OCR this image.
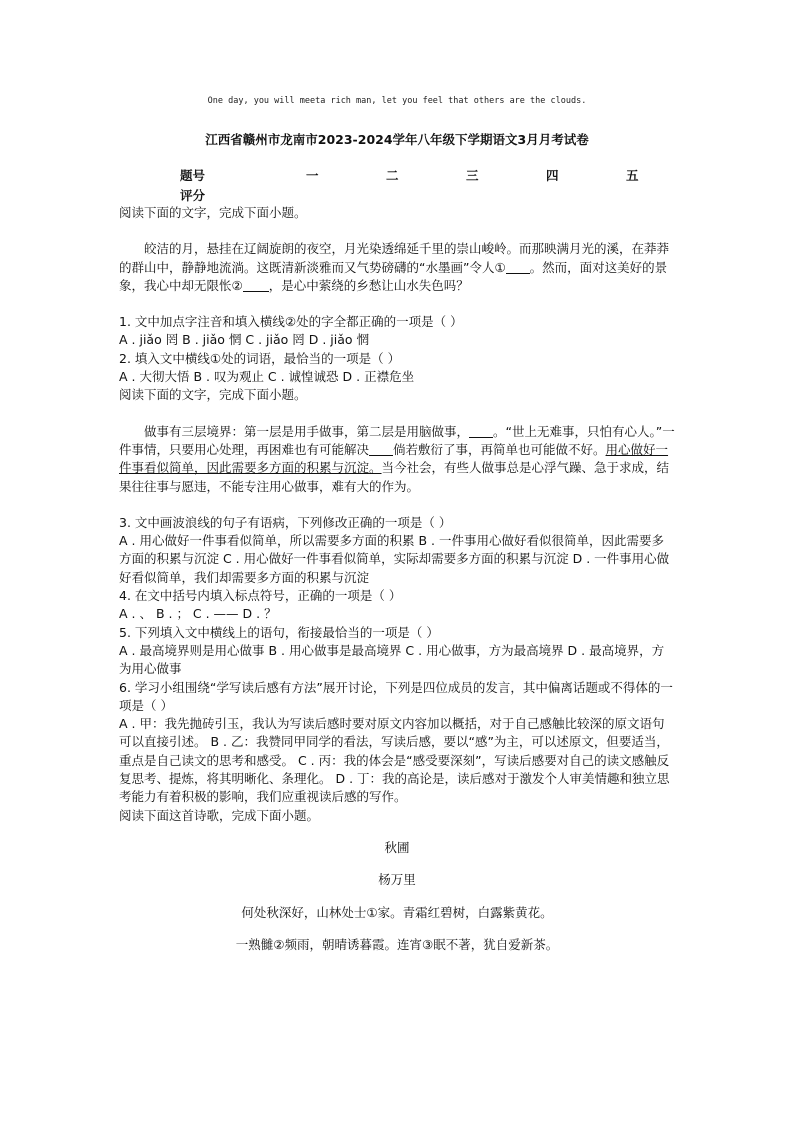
One day, you will meeta rich man, let you feel that others are the clouds.
江西省赣州市龙南市2023-2024学年八年级下学期语文3月月考试卷
题号	一	二	三	四	五
评分

阅读下面的文字，完成下面小题。

皎洁的月，悬挂在辽阔旋朗的夜空，月光染透绵延千里的崇山峻岭。而那映满月光的溪，在莽莽的群山中，静静地流淌。这既清新淡雅而又气势磅礴的“水墨画”令人① 。然而，面对这美好的景象，我心中却无限怅② ，是心中萦绕的乡愁让山水失色吗？

1. 文中加点字注音和填入横线②处的字全都正确的一项是（ ）

A . jiǎo 罔 B . jiǎo 惘 C . jiǎo 罔 D . jiǎo 惘

2. 填入文中横线①处的词语，最恰当的一项是（ ）

A . 大彻大悟 B . 叹为观止 C . 诚惶诚恐 D . 正襟危坐

阅读下面的文字，完成下面小题。

做事有三层境界：第一层是用手做事，第二层是用脑做事， 。“世上无难事，只怕有心人。”一件事情，只要用心处理，再困难也有可能解决 倘若敷衍了事，再简单也可能做不好。用心做好一件事看似简单，因此需要多方面的积累与沉淀。当今社会，有些人做事总是心浮气躁、急于求成，结果往往事与愿违，不能专注用心做事，难有大的作为。

3. 文中画波浪线的句子有语病，下列修改正确的一项是（ ）

A . 用心做好一件事看似简单，所以需要多方面的积累 B . 一件事用心做好看似很简单，因此需要多方面的积累与沉淀 C . 用心做好一件事看似简单，实际却需要多方面的积累与沉淀 D . 一件事用心做好看似简单，我们却需要多方面的积累与沉淀

4. 在文中括号内填入标点符号，正确的一项是（ ）

A . 、 B . ； C . —— D . ？

5. 下列填入文中横线上的语句，衔接最恰当的一项是（ ）

A . 最高境界则是用心做事 B . 用心做事是最高境界 C . 用心做事，方为最高境界 D . 最高境界，方为用心做事

6. 学习小组围绕“学写读后感有方法”展开讨论，下列是四位成员的发言，其中偏离话题或不得体的一项是（ ）

A . 甲：我先抛砖引玉，我认为写读后感时要对原文内容加以概括，对于自己感触比较深的原文语句可以直接引述。 B . 乙：我赞同甲同学的看法，写读后感，要以“感”为主，可以述原文，但要适当，重点是自己读文的思考和感受。 C . 丙：我的体会是“感受要深刻”，写读后感要对自己的读文感触反复思考、提炼，将其明晰化、条理化。 D . 丁：我的高论是，读后感对于激发个人审美情趣和独立思考能力有着积极的影响，我们应重视读后感的写作。

阅读下面这首诗歌，完成下面小题。

秋圃

杨万里

何处秋深好，山林处士①家。青霜红碧树，白露紫黄花。

一熟雠②频雨，朝晴诱暮霞。连宵③眠不著，犹自爱新茶。
